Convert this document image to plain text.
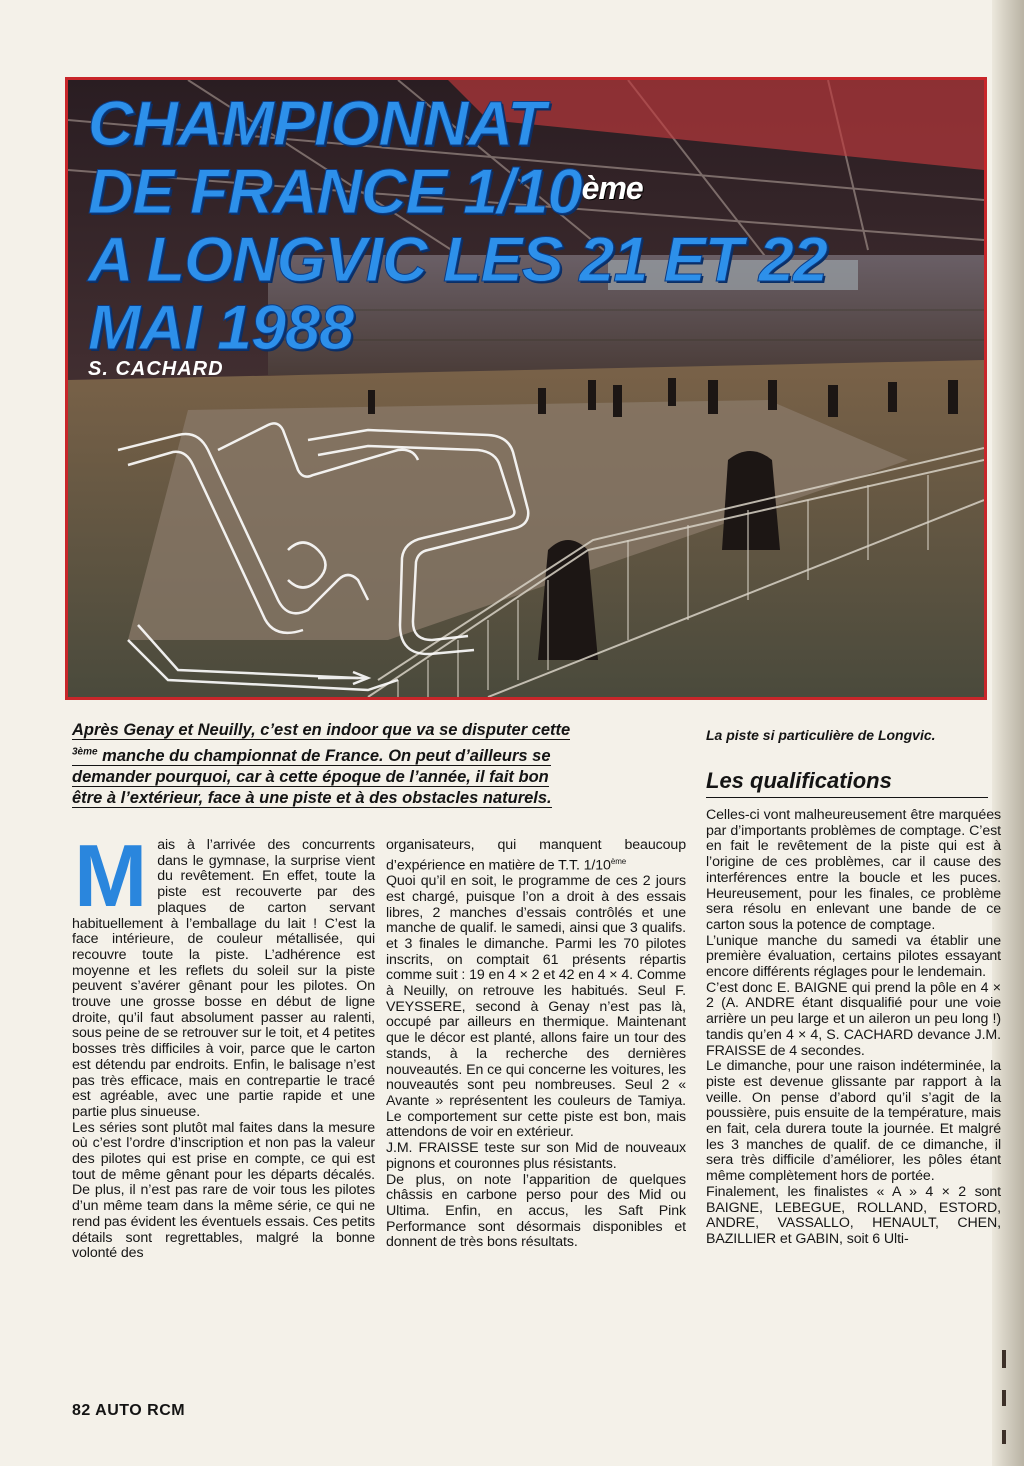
CHAMPIONNAT
DE FRANCE 1/10ème
A LONGVIC LES 21 ET 22
MAI 1988
S. CACHARD

Après Genay et Neuilly, c’est en indoor que va se disputer cette

$^{3ème}$ manche du championnat de France. On peut d’ailleurs se

demander pourquoi, car à cette époque de l’année, il fait bon

être à l’extérieur, face à une piste et à des obstacles naturels.

La piste si particulière de Longvic.
Les qualifications

Mais à l’arrivée des concurrents dans le gymnase, la surprise vient du revêtement. En effet, toute la piste est recouverte par des plaques de carton servant habituellement à l’emballage du lait ! C’est la face intérieure, de couleur métallisée, qui recouvre toute la piste. L’adhérence est moyenne et les reflets du soleil sur la piste peuvent s’avérer gênant pour les pilotes. On trouve une grosse bosse en début de ligne droite, qu’il faut absolument passer au ralenti, sous peine de se retrouver sur le toit, et 4 petites bosses très difficiles à voir, parce que le carton est détendu par endroits. Enfin, le balisage n’est pas très efficace, mais en contrepartie le tracé est agréable, avec une partie rapide et une partie plus sinueuse.

Les séries sont plutôt mal faites dans la mesure où c’est l’ordre d’inscription et non pas la valeur des pilotes qui est prise en compte, ce qui est tout de même gênant pour les départs décalés. De plus, il n’est pas rare de voir tous les pilotes d’un même team dans la même série, ce qui ne rend pas évident les éventuels essais. Ces petits détails sont regrettables, malgré la bonne volonté des

organisateurs, qui manquent beaucoup d’expérience en matière de T.T. 1/10ème

Quoi qu’il en soit, le programme de ces 2 jours est chargé, puisque l’on a droit à des essais libres, 2 manches d’essais contrôlés et une manche de qualif. le samedi, ainsi que 3 qualifs. et 3 finales le dimanche. Parmi les 70 pilotes inscrits, on comptait 61 présents répartis comme suit : 19 en 4 × 2 et 42 en 4 × 4. Comme à Neuilly, on retrouve les habitués. Seul F. VEYSSERE, second à Genay n’est pas là, occupé par ailleurs en thermique. Maintenant que le décor est planté, allons faire un tour des stands, à la recherche des dernières nouveautés. En ce qui concerne les voitures, les nouveautés sont peu nombreuses. Seul 2 « Avante » représentent les couleurs de Tamiya. Le comportement sur cette piste est bon, mais attendons de voir en extérieur.

J.M. FRAISSE teste sur son Mid de nouveaux pignons et couronnes plus résistants.

De plus, on note l’apparition de quelques châssis en carbone perso pour des Mid ou Ultima. Enfin, en accus, les Saft Pink Performance sont désormais disponibles et donnent de très bons résultats.

Celles-ci vont malheureusement être marquées par d’importants problèmes de comptage. C’est en fait le revêtement de la piste qui est à l’origine de ces problèmes, car il cause des interférences entre la boucle et les puces. Heureusement, pour les finales, ce problème sera résolu en enlevant une bande de ce carton sous la potence de comptage.

L’unique manche du samedi va établir une première évaluation, certains pilotes essayant encore différents réglages pour le lendemain.

C’est donc E. BAIGNE qui prend la pôle en 4 × 2 (A. ANDRE étant disqualifié pour une voie arrière un peu large et un aileron un peu long !) tandis qu’en 4 × 4, S. CACHARD devance J.M. FRAISSE de 4 secondes.

Le dimanche, pour une raison indéterminée, la piste est devenue glissante par rapport à la veille. On pense d’abord qu’il s’agit de la poussière, puis ensuite de la température, mais en fait, cela durera toute la journée. Et malgré les 3 manches de qualif. de ce dimanche, il sera très difficile d’améliorer, les pôles étant même complètement hors de portée.

Finalement, les finalistes « A » 4 × 2 sont BAIGNE, LEBEGUE, ROLLAND, ESTORD, ANDRE, VASSALLO, HENAULT, CHEN, BAZILLIER et GABIN, soit 6 Ulti-

82 AUTO RCM
